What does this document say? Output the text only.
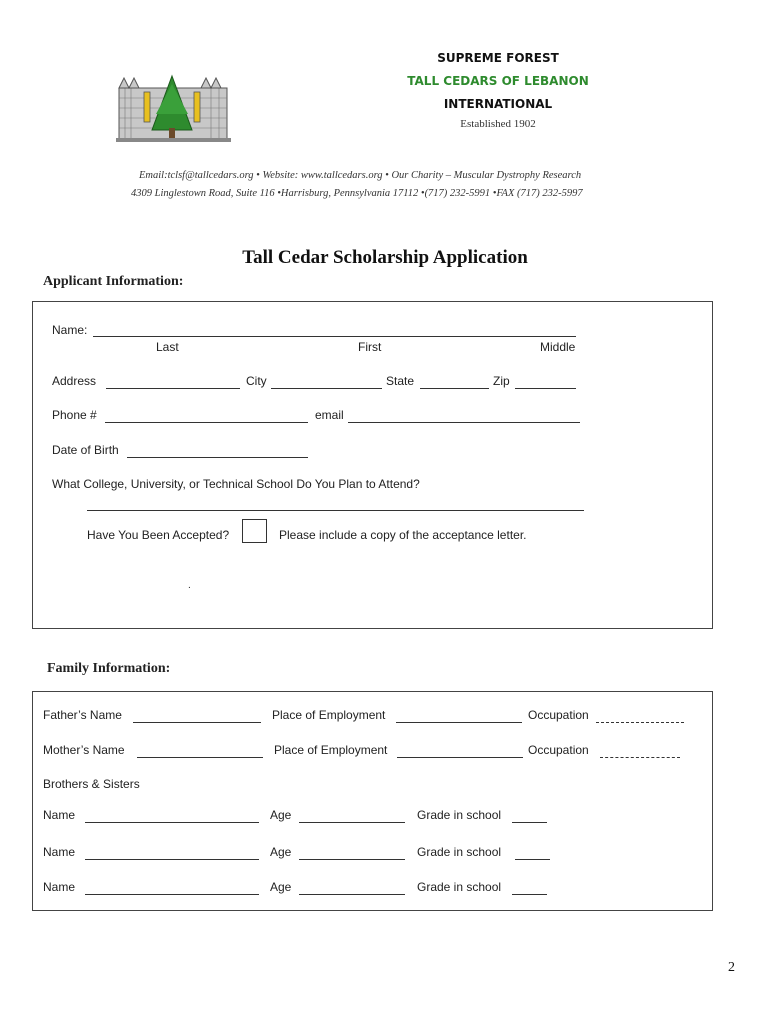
SUPREME FOREST
TALL CEDARS OF LEBANON
INTERNATIONAL
Established 1902
Email:tclsf@tallcedars.org • Website: www.tallcedars.org • Our Charity – Muscular Dystrophy Research
4309 Linglestown Road, Suite 116 •Harrisburg, Pennsylvania 17112 •(717) 232-5991 •FAX (717) 232-5997
Tall Cedar Scholarship Application
Applicant Information:
Name:
Last	First	Middle
Address	City	State	Zip
Phone #	email
Date of Birth
What College, University, or Technical School Do You Plan to Attend?
Have You Been Accepted?	Please include a copy of the acceptance letter.
.
Family Information:
Father’s Name	Place of Employment	Occupation
Mother’s Name	Place of Employment	Occupation
Brothers & Sisters
Name	Age	Grade in school
Name	Age	Grade in school
Name	Age	Grade in school
2
